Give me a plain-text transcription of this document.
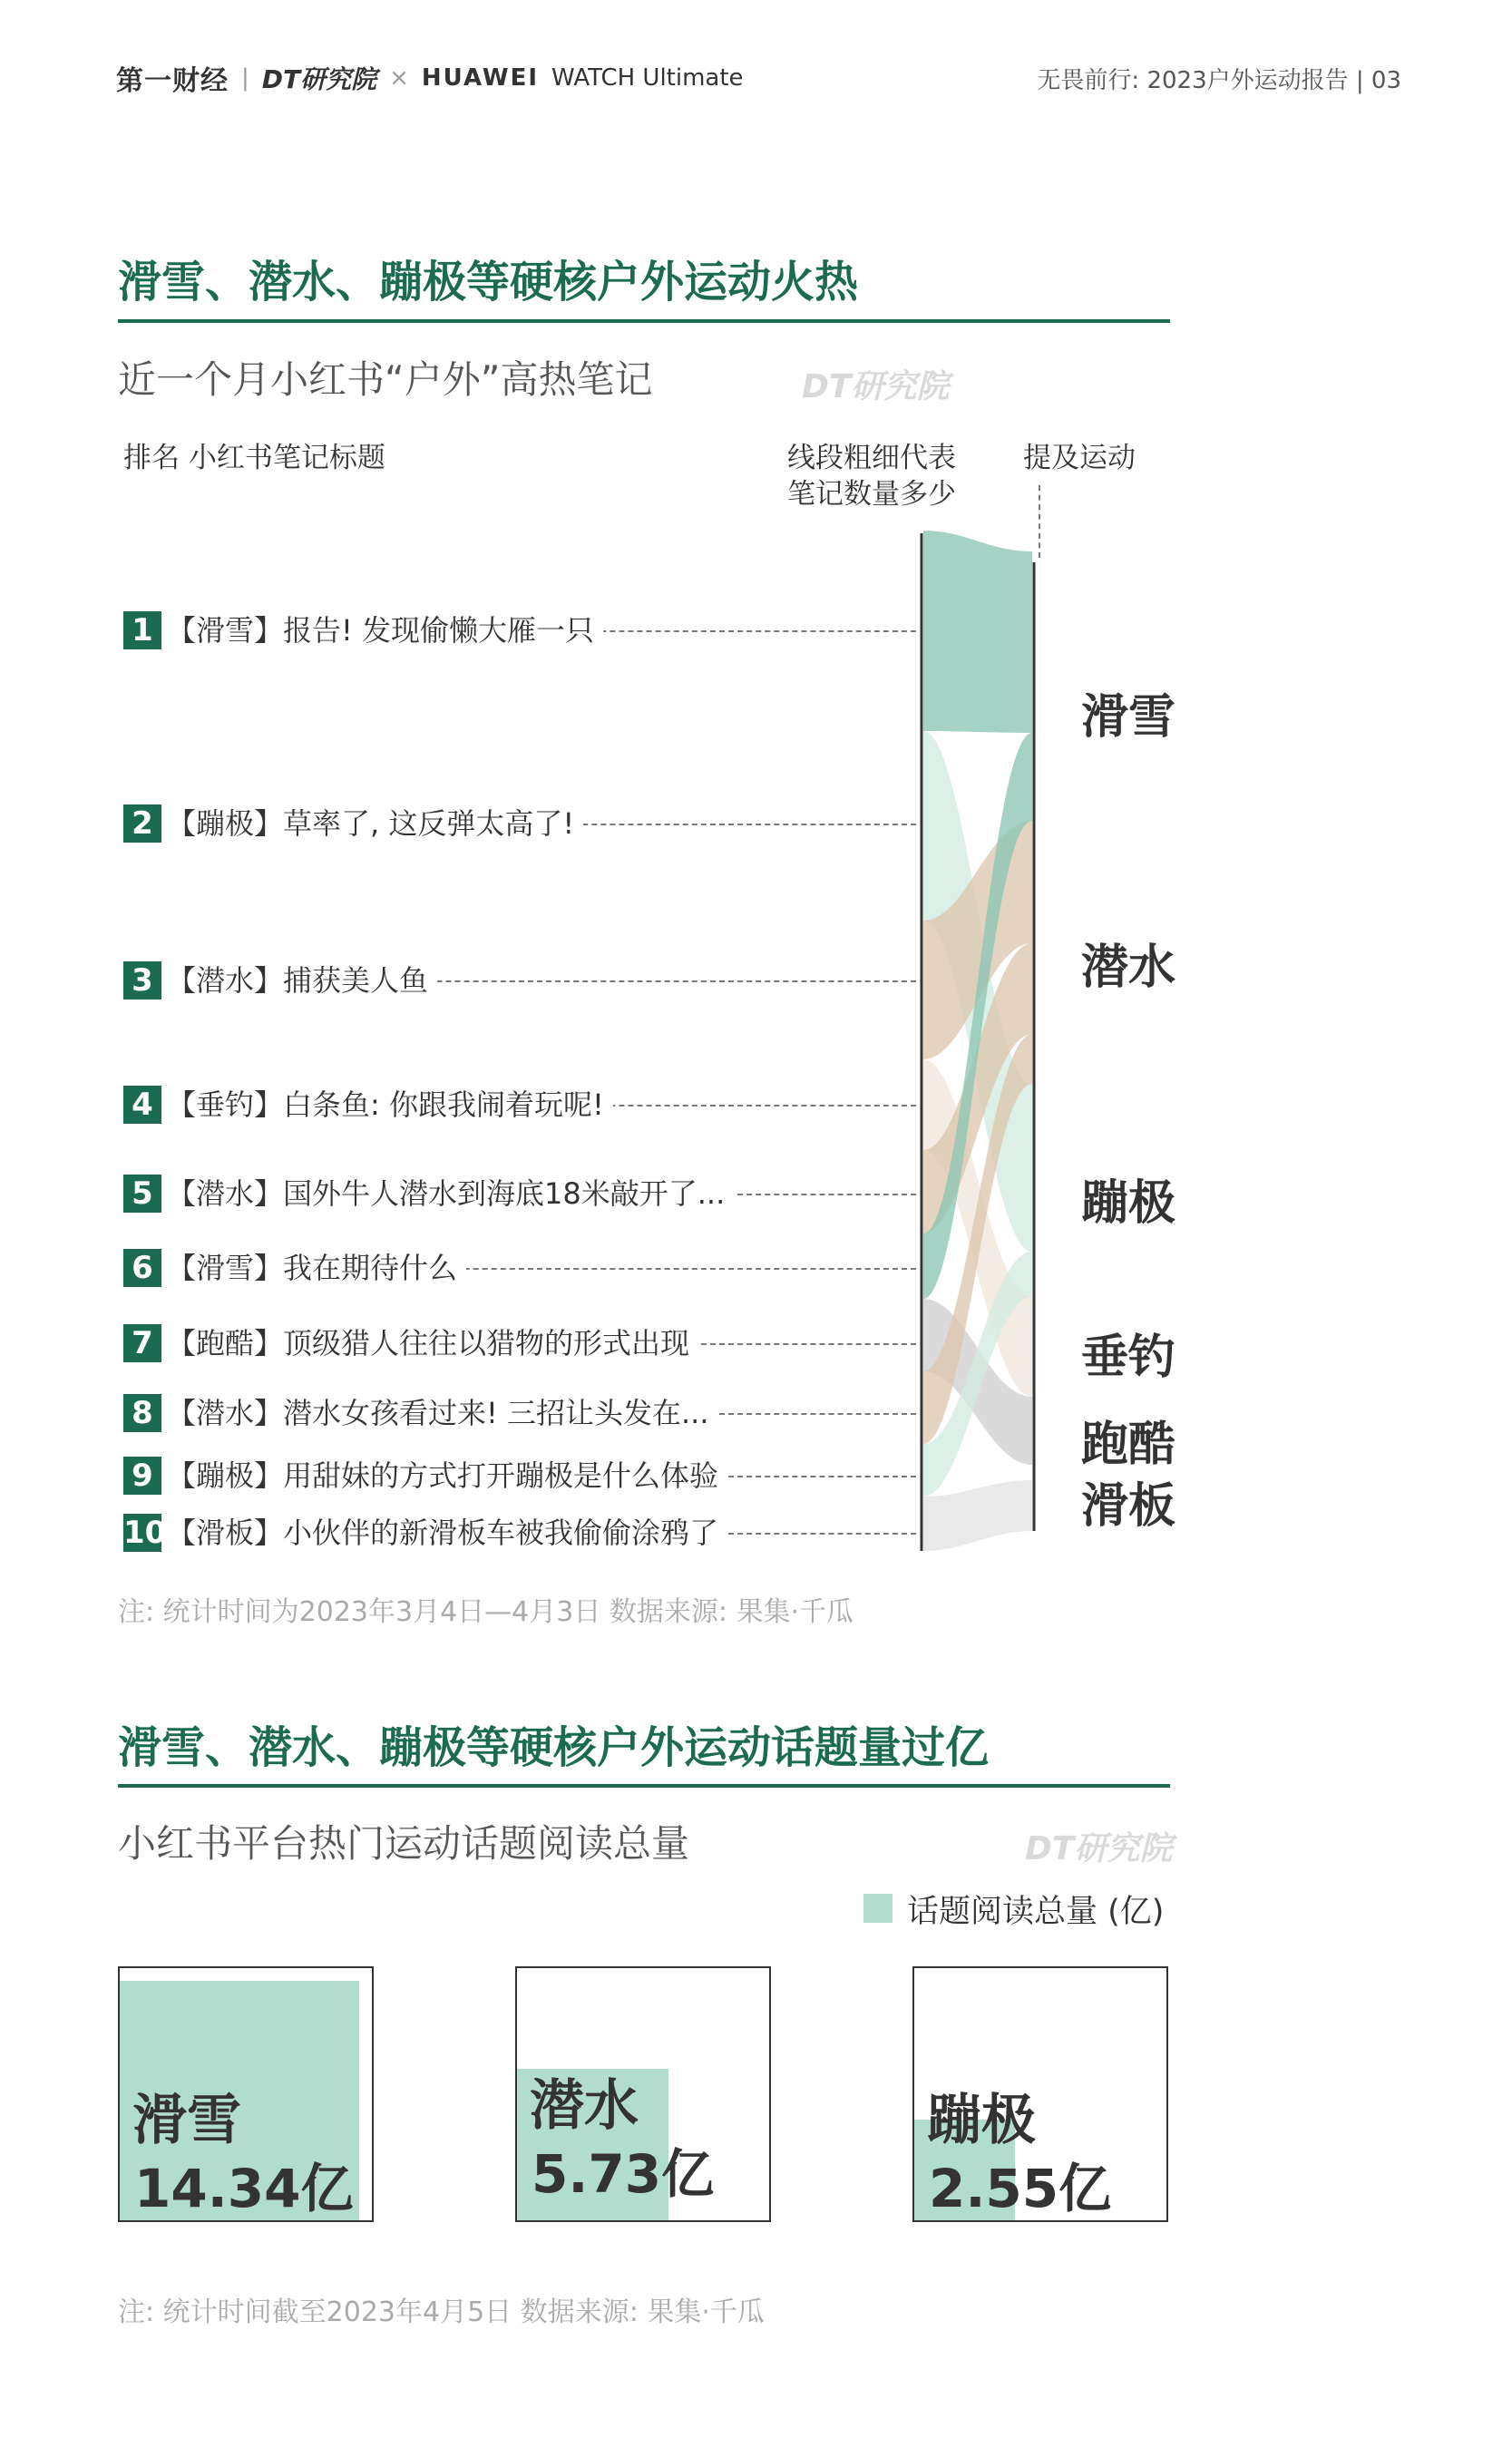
第一财经 | DT研究院 × HUAWEI WATCH Ultimate	无畏前行: 2023户外运动报告 | 03
滑雪、潜水、蹦极等硬核户外运动火热
近一个月小红书“户外”高热笔记	DT研究院
排名 小红书笔记标题	线段粗细代表
笔记数量多少
提及运动
1 【滑雪】报告! 发现偷懒大雁一只
2 【蹦极】草率了, 这反弹太高了!
3 【潜水】捕获美人鱼
4 【垂钓】白条鱼: 你跟我闹着玩呢!
5 【潜水】国外牛人潜水到海底18米敲开了...
6 【滑雪】我在期待什么
7 【跑酷】顶级猎人往往以猎物的形式出现
8 【潜水】潜水女孩看过来! 三招让头发在...
9 【蹦极】用甜妹的方式打开蹦极是什么体验
10 【滑板】小伙伴的新滑板车被我偷偷涂鸦了
滑雪
潜水
蹦极
垂钓
跑酷
滑板
注: 统计时间为2023年3月4日—4月3日 数据来源: 果集·千瓜
滑雪、潜水、蹦极等硬核户外运动话题量过亿
小红书平台热门运动话题阅读总量	DT研究院
话题阅读总量 (亿)
滑雪
14.34亿
潜水
5.73亿
蹦极
2.55亿
注: 统计时间截至2023年4月5日 数据来源: 果集·千瓜
